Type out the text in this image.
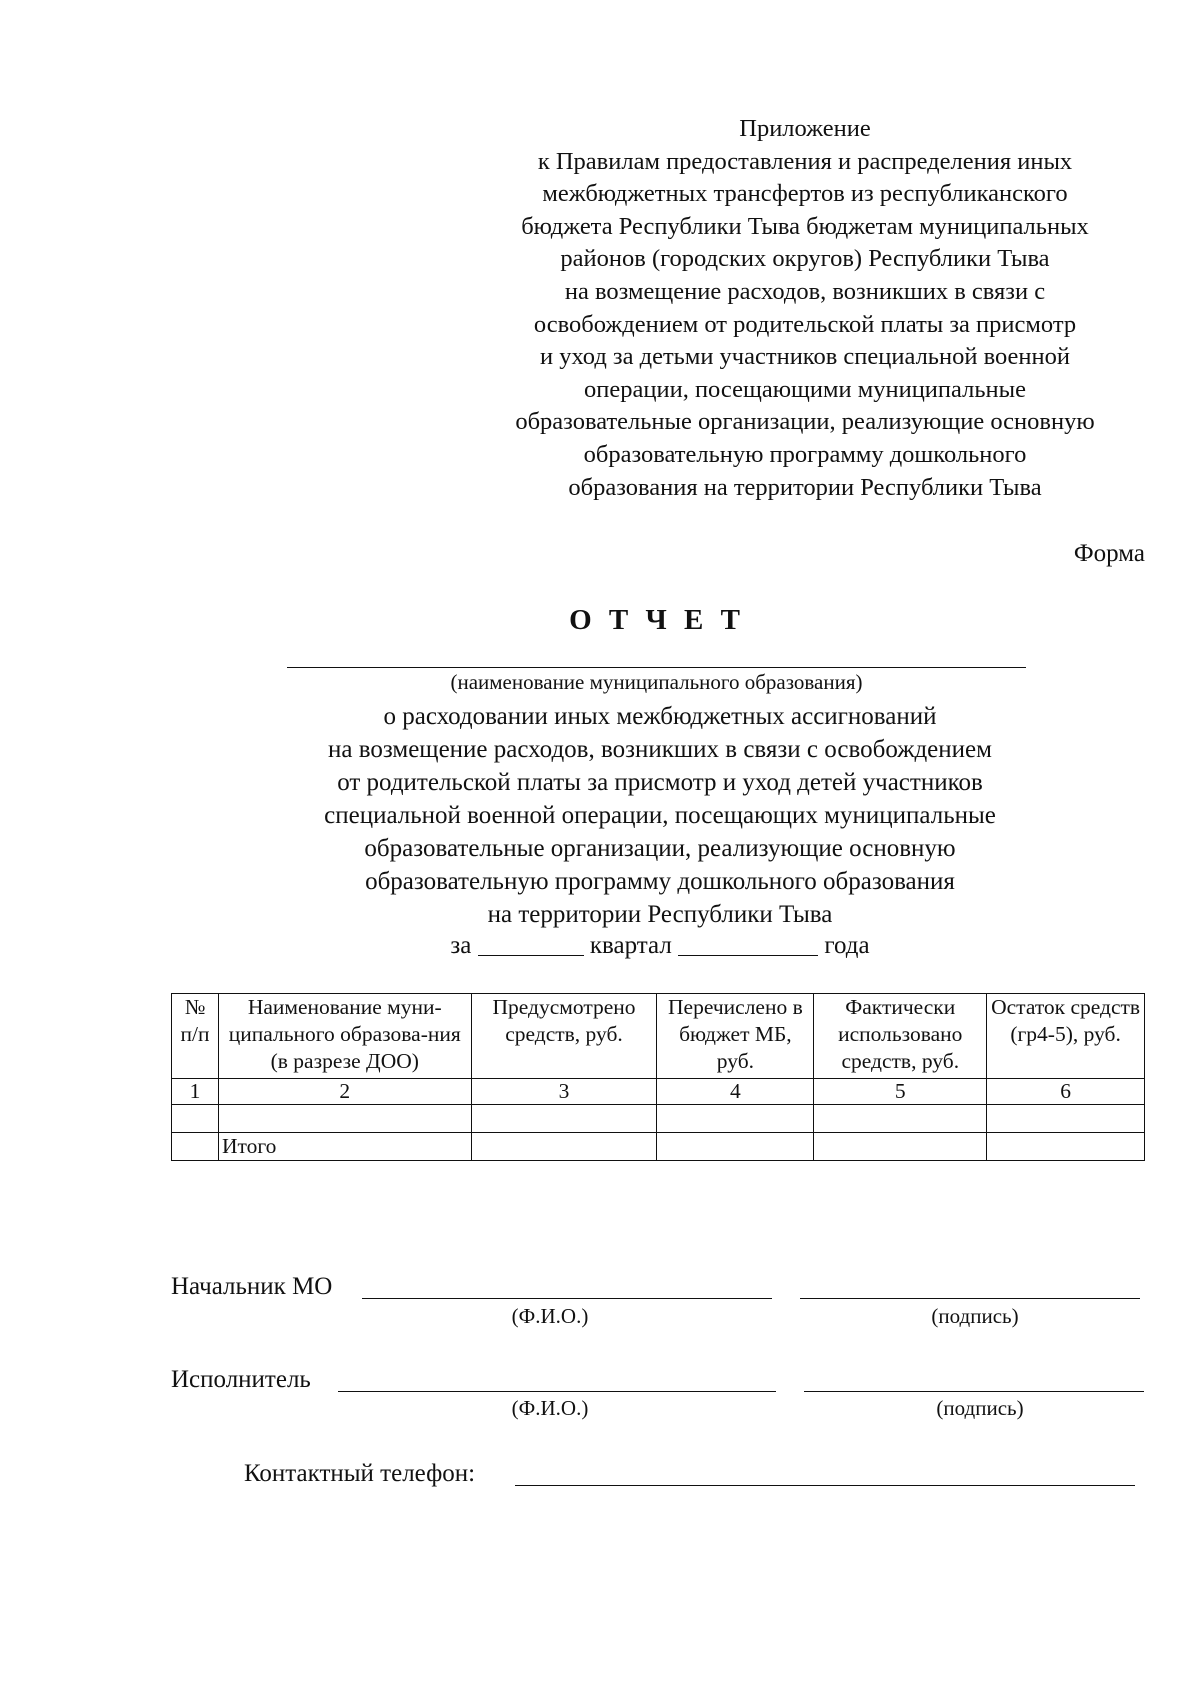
Приложение
к Правилам предоставления и распределения иных
межбюджетных трансфертов из республиканского
бюджета Республики Тыва бюджетам муниципальных
районов (городских округов) Республики Тыва
на возмещение расходов, возникших в связи с
освобождением от родительской платы за присмотр
и уход за детьми участников специальной военной
операции, посещающими муниципальные
образовательные организации, реализующие основную
образовательную программу дошкольного
образования на территории Республики Тыва
Форма
О Т Ч Е Т
(наименование муниципального образования)
о расходовании иных межбюджетных ассигнований
на возмещение расходов, возникших в связи с освобождением
от родительской платы за присмотр и уход детей участников
специальной военной операции, посещающих муниципальные
образовательные организации, реализующие основную
образовательную программу дошкольного образования
на территории Республики Тыва
за	квартал	года
№ п/п	Наименование муни-ципального образова-ния (в разрезе ДОО)	Предусмотрено средств, руб.	Перечислено в бюджет МБ, руб.	Фактически использовано средств, руб.	Остаток средств (гр4-5), руб.
1	2	3	4	5	6

	Итого				
Начальник МО
(Ф.И.О.)	(подпись)
Исполнитель
(Ф.И.О.)	(подпись)
Контактный телефон:
